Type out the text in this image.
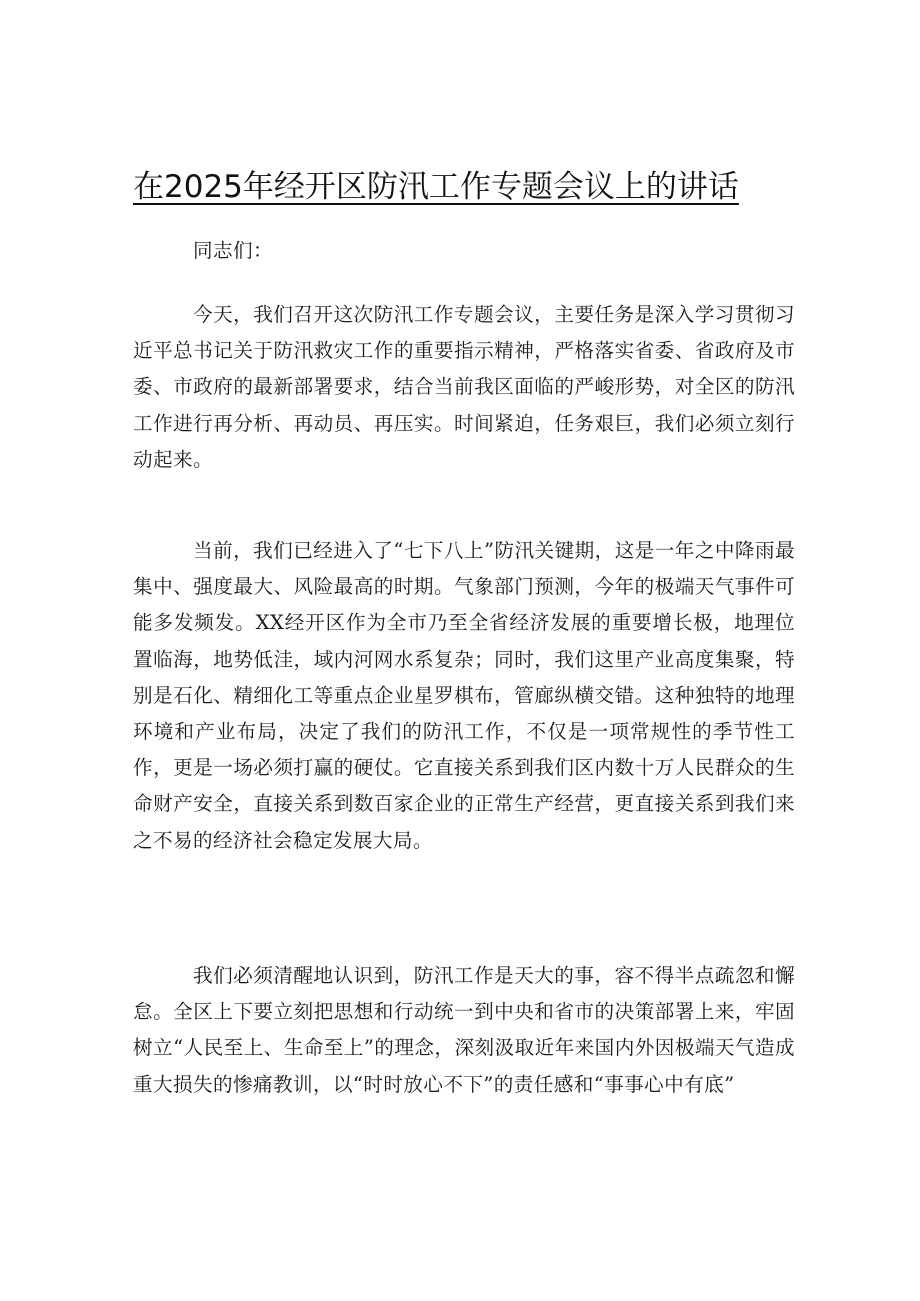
在2025年经开区防汛工作专题会议上的讲话

同志们：

今天，我们召开这次防汛工作专题会议，主要任务是深入学习贯彻习近平总书记关于防汛救灾工作的重要指示精神，严格落实省委、省政府及市委、市政府的最新部署要求，结合当前我区面临的严峻形势，对全区的防汛工作进行再分析、再动员、再压实。时间紧迫，任务艰巨，我们必须立刻行动起来。

当前，我们已经进入了“七下八上”防汛关键期，这是一年之中降雨最集中、强度最大、风险最高的时期。气象部门预测，今年的极端天气事件可能多发频发。XX经开区作为全市乃至全省经济发展的重要增长极，地理位置临海，地势低洼，域内河网水系复杂；同时，我们这里产业高度集聚，特别是石化、精细化工等重点企业星罗棋布，管廊纵横交错。这种独特的地理环境和产业布局，决定了我们的防汛工作，不仅是一项常规性的季节性工作，更是一场必须打赢的硬仗。它直接关系到我们区内数十万人民群众的生命财产安全，直接关系到数百家企业的正常生产经营，更直接关系到我们来之不易的经济社会稳定发展大局。

我们必须清醒地认识到，防汛工作是天大的事，容不得半点疏忽和懈怠。全区上下要立刻把思想和行动统一到中央和省市的决策部署上来，牢固树立“人民至上、生命至上”的理念，深刻汲取近年来国内外因极端天气造成重大损失的惨痛教训，以“时时放心不下”的责任感和“事事心中有底”
